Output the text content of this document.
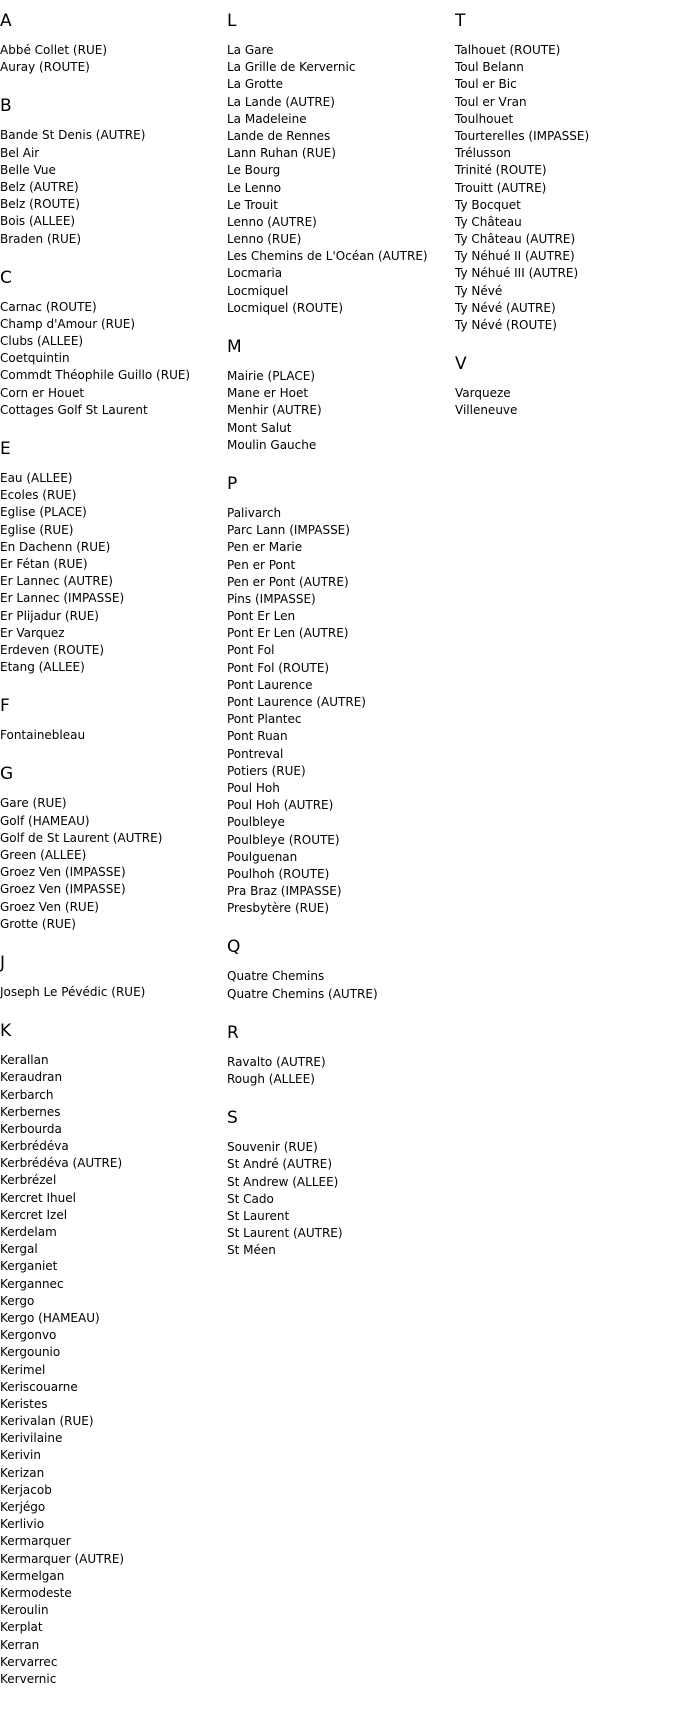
A
Abbé Collet (RUE)
Auray (ROUTE)
B
Bande St Denis (AUTRE)
Bel Air
Belle Vue
Belz (AUTRE)
Belz (ROUTE)
Bois (ALLEE)
Braden (RUE)
C
Carnac (ROUTE)
Champ d'Amour (RUE)
Clubs (ALLEE)
Coetquintin
Commdt Théophile Guillo (RUE)
Corn er Houet
Cottages Golf St Laurent
E
Eau (ALLEE)
Ecoles (RUE)
Eglise (PLACE)
Eglise (RUE)
En Dachenn (RUE)
Er Fétan (RUE)
Er Lannec (AUTRE)
Er Lannec (IMPASSE)
Er Plijadur (RUE)
Er Varquez
Erdeven (ROUTE)
Etang (ALLEE)
F
Fontainebleau
G
Gare (RUE)
Golf (HAMEAU)
Golf de St Laurent (AUTRE)
Green (ALLEE)
Groez Ven (IMPASSE)
Groez Ven (IMPASSE)
Groez Ven (RUE)
Grotte (RUE)
J
Joseph Le Pévédic (RUE)
K
Kerallan
Keraudran
Kerbarch
Kerbernes
Kerbourda
Kerbrédéva
Kerbrédéva (AUTRE)
Kerbrézel
Kercret Ihuel
Kercret Izel
Kerdelam
Kergal
Kerganiet
Kergannec
Kergo
Kergo (HAMEAU)
Kergonvo
Kergounio
Kerimel
Keriscouarne
Keristes
Kerivalan (RUE)
Kerivilaine
Kerivin
Kerizan
Kerjacob
Kerjégo
Kerlivio
Kermarquer
Kermarquer (AUTRE)
Kermelgan
Kermodeste
Keroulin
Kerplat
Kerran
Kervarrec
Kervernic
L
La Gare
La Grille de Kervernic
La Grotte
La Lande (AUTRE)
La Madeleine
Lande de Rennes
Lann Ruhan (RUE)
Le Bourg
Le Lenno
Le Trouit
Lenno (AUTRE)
Lenno (RUE)
Les Chemins de L'Océan (AUTRE)
Locmaria
Locmiquel
Locmiquel (ROUTE)
M
Mairie (PLACE)
Mane er Hoet
Menhir (AUTRE)
Mont Salut
Moulin Gauche
P
Palivarch
Parc Lann (IMPASSE)
Pen er Marie
Pen er Pont
Pen er Pont (AUTRE)
Pins (IMPASSE)
Pont Er Len
Pont Er Len (AUTRE)
Pont Fol
Pont Fol (ROUTE)
Pont Laurence
Pont Laurence (AUTRE)
Pont Plantec
Pont Ruan
Pontreval
Potiers (RUE)
Poul Hoh
Poul Hoh (AUTRE)
Poulbleye
Poulbleye (ROUTE)
Poulguenan
Poulhoh (ROUTE)
Pra Braz (IMPASSE)
Presbytère (RUE)
Q
Quatre Chemins
Quatre Chemins (AUTRE)
R
Ravalto (AUTRE)
Rough (ALLEE)
S
Souvenir (RUE)
St André (AUTRE)
St Andrew (ALLEE)
St Cado
St Laurent
St Laurent (AUTRE)
St Méen
T
Talhouet (ROUTE)
Toul Belann
Toul er Bic
Toul er Vran
Toulhouet
Tourterelles (IMPASSE)
Trélusson
Trinité (ROUTE)
Trouitt (AUTRE)
Ty Bocquet
Ty Château
Ty Château (AUTRE)
Ty Néhué II (AUTRE)
Ty Néhué III (AUTRE)
Ty Névé
Ty Névé (AUTRE)
Ty Névé (ROUTE)
V
Varqueze
Villeneuve
